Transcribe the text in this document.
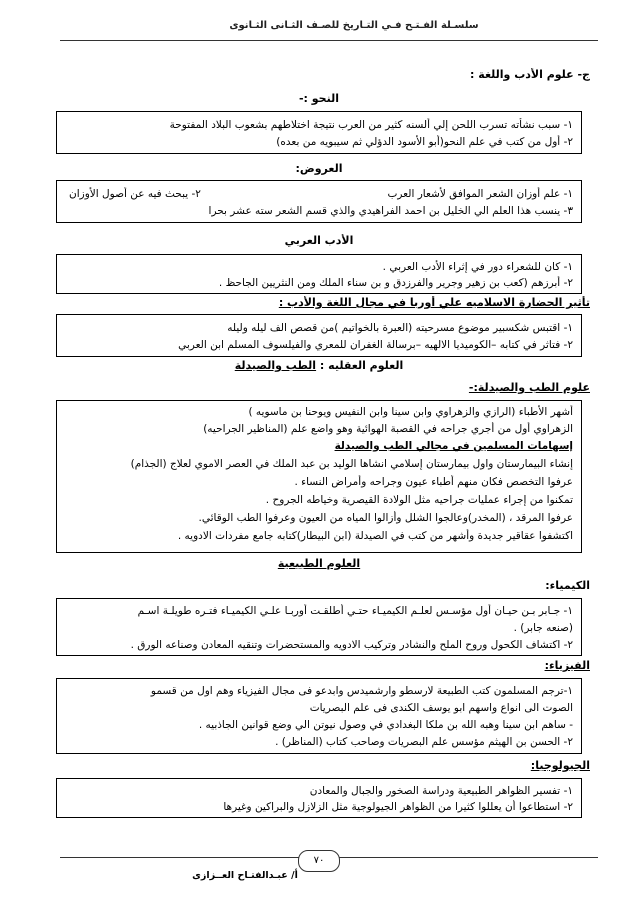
سلسـلة الفـتـح فـي التـاريخ للصـف الثـانى الثـانوى
ج- علوم الأدب واللغة :
النحو :-
١- سبب نشأته تسرب اللحن إلي ألسنه كثير من العرب نتيجة اختلاطهم بشعوب البلاد المفتوحة
٢- أول من كتب في علم النحو(أبو الأسود الدؤلي ثم سيبويه من بعده)
العروض:
١- علم أوزان الشعر الموافق لأشعار العرب
٢- يبحث فيه عن أصول الأوزان
٣- ينسب هذا العلم الي الخليل بن احمد الفراهيدي والذي قسم الشعر سته عشر بحرا
الأدب العربي
١- كان للشعراء دور في إثراء الأدب العربي .
٢- أبرزهم (كعب بن زهير وجرير والفرزدق و بن سناء الملك ومن النثريين الجاحظ .
تأثير الحضارة الاسلاميه علي أوربا في مجال اللغة والأدب :
١- اقتبس شكسبير موضوع مسرحيته (العبرة بالخواتيم )من قصص الف ليله وليله
٢- فتاثر في كتابه –الكوميديا الالهيه –برسالة الغفران للمعري والفيلسوف المسلم ابن العربي
العلوم العقليه : الطب والصيدلة
علوم الطب والصيدلة:-
أشهر الأطباء (الرازي والزهراوي وابن سينا وابن النفيس ويوحنا بن ماسويه )
الزهراوي أول من أجري جراحه في القصبة الهوائية وهو واضع علم (المناظير الجراحيه)
إسهامات المسلمين في مجالي الطب والصيدلة
إنشاء البيمارستان واول بيمارستان إسلامي انشاها الوليد بن عبد الملك في العصر الاموي لعلاج (الجذام)
عرفوا التخصص فكان منهم أطباء عيون وجراحه وأمراض النساء .
تمكنوا من إجراء عمليات جراحيه مثل الولادة القيصرية وخياطه الجروح .
عرفوا المرقد ، (المخدر)وعالجوا الشلل وأزالوا المياه من العيون وعرفوا الطب الوقائي.
اكتشفوا عقاقير جديدة وأشهر من كتب في الصيدلة (ابن البيطار)كتابه جامع مفردات الادويه .
العلوم الطبيعية
الكيمياء:
١- جـابر بـن حيـان أول مؤسـس لعلـم الكيميـاء حتـي أطلقـت أوربـا علـي الكيميـاء فتـره طويلـة اسـم
(صنعه جابر) .
٢- اكتشاف الكحول وروح الملح والنشادر وتركيب الادويه والمستحضرات وتنقيه المعادن وصناعه الورق .
الفيزياء:
١-ترجم المسلمون كتب الطبيعة لارسطو وارشميدس وابدعو فى مجال الفيزياء وهم اول من قسمو
الصوت الى انواع واسهم ابو يوسف الكندى فى علم البصريات
- ساهم ابن سينا وهبه الله بن ملكا البغدادي في وصول نيوتن الي وضع قوانين الجاذبيه .
٢- الحسن بن الهيثم مؤسس علم البصريات وصاحب كتاب (المناظر) .
الجيولوجيا:
١- تفسير الظواهر الطبيعية ودراسة الصخور والجبال والمعادن
٢- استطاعوا أن يعللوا كثيرا من الظواهر الجيولوجية مثل الزلازل والبراكين وغيرها
٧٠
أ/ عبـدالفتـاح العــزازى
